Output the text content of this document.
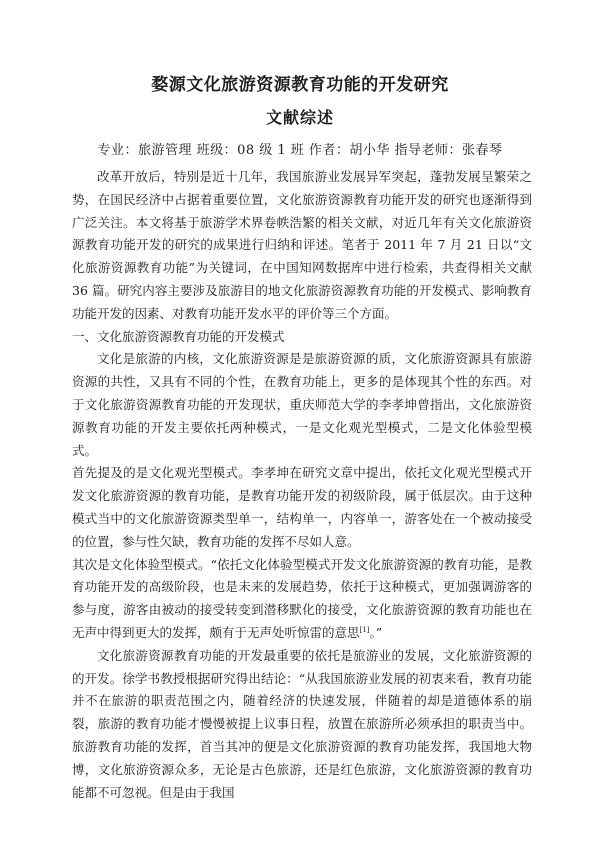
婺源文化旅游资源教育功能的开发研究
文献综述
专业：旅游管理 班级：08 级 1 班 作者：胡小华 指导老师：张春琴

改革开放后，特别是近十几年，我国旅游业发展异军突起，蓬勃发展呈繁荣之势，在国民经济中占据着重要位置，文化旅游资源教育功能开发的研究也逐渐得到广泛关注。本文将基于旅游学术界卷帙浩繁的相关文献，对近几年有关文化旅游资源教育功能开发的研究的成果进行归纳和评述。笔者于 2011 年 7 月 21 日以“文化旅游资源教育功能”为关键词，在中国知网数据库中进行检索，共查得相关文献 36 篇。研究内容主要涉及旅游目的地文化旅游资源教育功能的开发模式、影响教育功能开发的因素、对教育功能开发水平的评价等三个方面。

一、文化旅游资源教育功能的开发模式

文化是旅游的内核，文化旅游资源是是旅游资源的质，文化旅游资源具有旅游资源的共性，又具有不同的个性，在教育功能上，更多的是体现其个性的东西。对于文化旅游资源教育功能的开发现状，重庆师范大学的李孝坤曾指出，文化旅游资源教育功能的开发主要依托两种模式，一是文化观光型模式，二是文化体验型模式。

首先提及的是文化观光型模式。李孝坤在研究文章中提出，依托文化观光型模式开发文化旅游资源的教育功能，是教育功能开发的初级阶段，属于低层次。由于这种模式当中的文化旅游资源类型单一，结构单一，内容单一，游客处在一个被动接受的位置，参与性欠缺，教育功能的发挥不尽如人意。

其次是文化体验型模式。“依托文化体验型模式开发文化旅游资源的教育功能，是教育功能开发的高级阶段，也是未来的发展趋势，依托于这种模式，更加强调游客的参与度，游客由被动的接受转变到潜移默化的接受，文化旅游资源的教育功能也在无声中得到更大的发挥，颇有于无声处听惊雷的意思[1]。”

文化旅游资源教育功能的开发最重要的依托是旅游业的发展，文化旅游资源的的开发。徐学书教授根据研究得出结论：“从我国旅游业发展的初衷来看，教育功能并不在旅游的职责范围之内，随着经济的快速发展，伴随着的却是道德体系的崩裂，旅游的教育功能才慢慢被提上议事日程，放置在旅游所必须承担的职责当中。旅游教育功能的发挥，首当其冲的便是文化旅游资源的教育功能发挥，我国地大物博，文化旅游资源众多，无论是古色旅游，还是红色旅游，文化旅游资源的教育功能都不可忽视。但是由于我国
